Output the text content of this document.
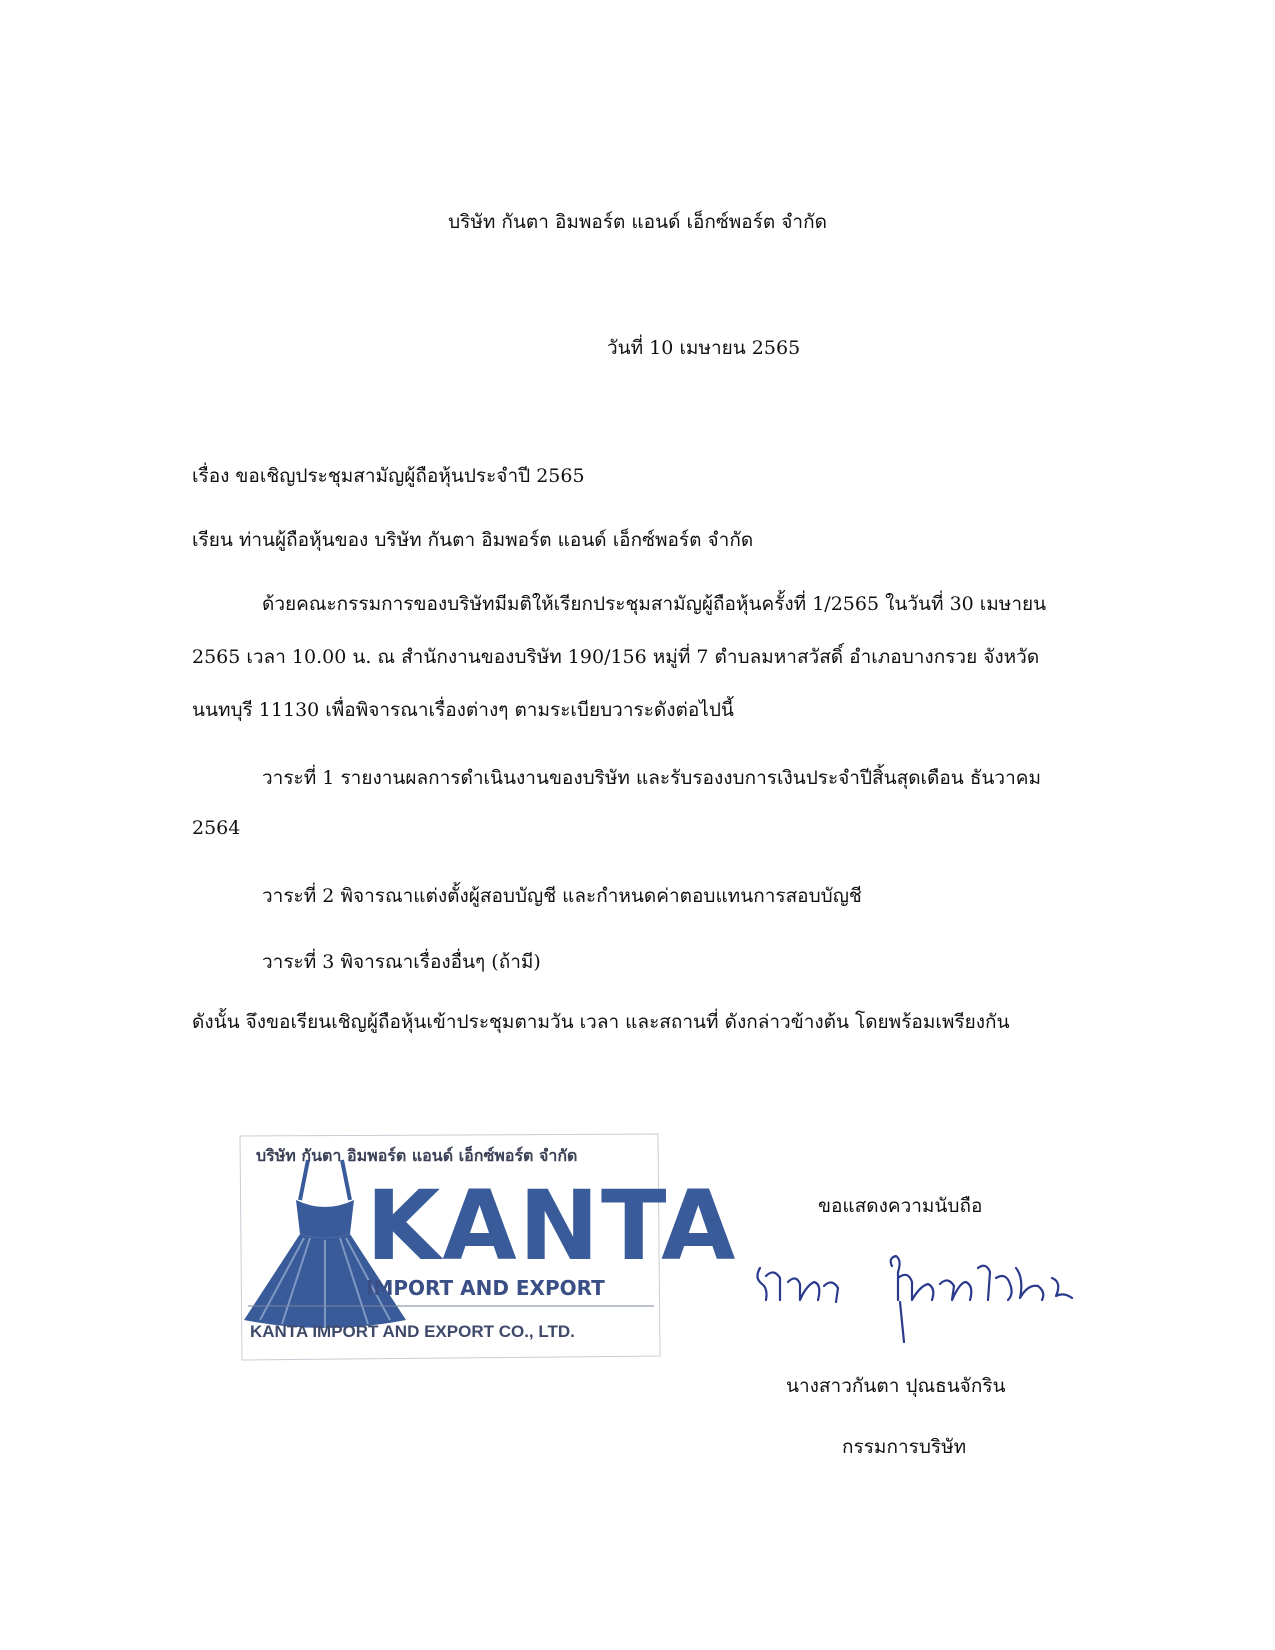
บริษัท กันตา อิมพอร์ต แอนด์ เอ็กซ์พอร์ต จำกัด

วันที่ 10 เมษายน 2565

เรื่อง ขอเชิญประชุมสามัญผู้ถือหุ้นประจำปี 2565

เรียน ท่านผู้ถือหุ้นของ บริษัท กันตา อิมพอร์ต แอนด์ เอ็กซ์พอร์ต จำกัด

ด้วยคณะกรรมการของบริษัทมีมติให้เรียกประชุมสามัญผู้ถือหุ้นครั้งที่ 1/2565 ในวันที่ 30 เมษายน

2565 เวลา 10.00 น. ณ สำนักงานของบริษัท 190/156 หมู่ที่ 7 ตำบลมหาสวัสดิ์ อำเภอบางกรวย จังหวัด

นนทบุรี 11130 เพื่อพิจารณาเรื่องต่างๆ ตามระเบียบวาระดังต่อไปนี้

วาระที่ 1 รายงานผลการดำเนินงานของบริษัท และรับรองงบการเงินประจำปีสิ้นสุดเดือน ธันวาคม

2564

วาระที่ 2 พิจารณาแต่งตั้งผู้สอบบัญชี และกำหนดค่าตอบแทนการสอบบัญชี

วาระที่ 3 พิจารณาเรื่องอื่นๆ (ถ้ามี)

ดังนั้น จึงขอเรียนเชิญผู้ถือหุ้นเข้าประชุมตามวัน เวลา และสถานที่ ดังกล่าวข้างต้น โดยพร้อมเพรียงกัน

บริษัท กันตา อิมพอร์ต แอนด์ เอ็กซ์พอร์ต จำกัด
KANTA
IMPORT AND EXPORT
KANTA IMPORT AND EXPORT CO., LTD.

ขอแสดงความนับถือ

นางสาวกันตา ปุณธนจักริน

กรรมการบริษัท
